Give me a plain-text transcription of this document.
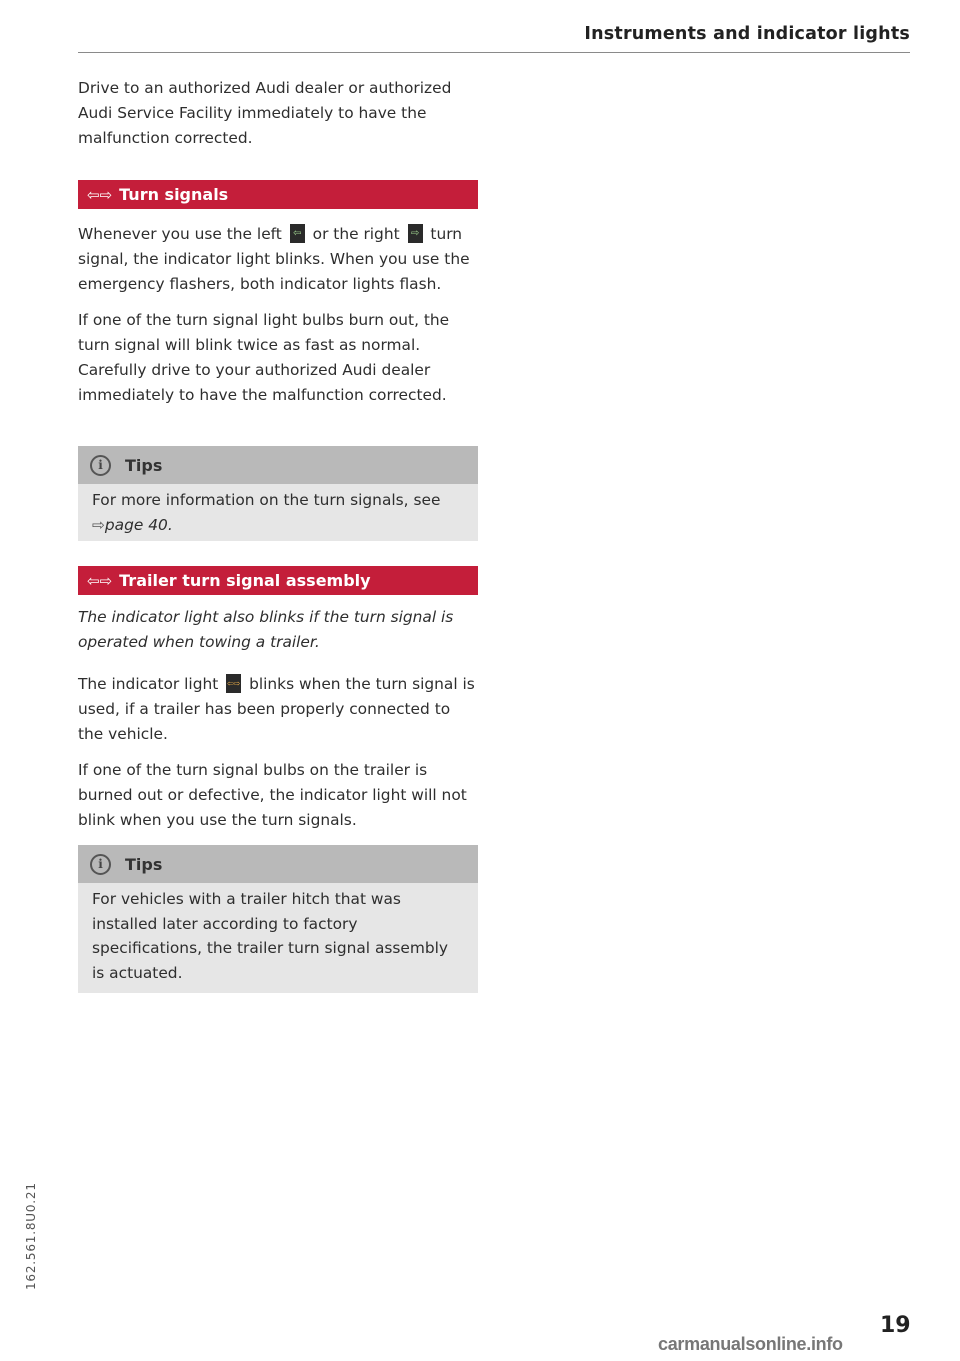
Instruments and indicator lights

Drive to an authorized Audi dealer or authorized Audi Service Facility immediately to have the malfunction corrected.

⇦⇨ Turn signals

Whenever you use the left ⇦ or the right ⇨ turn signal, the indicator light blinks. When you use the emergency flashers, both indicator lights flash.

If one of the turn signal light bulbs burn out, the turn signal will blink twice as fast as normal. Carefully drive to your authorized Audi dealer immediately to have the malfunction corrected.

i	Tips

For more information on the turn signals, see ⇨page 40.

⇦⇨ Trailer turn signal assembly

The indicator light also blinks if the turn signal is operated when towing a trailer.

The indicator light ⇦⇨ blinks when the turn signal is used, if a trailer has been properly connected to the vehicle.

If one of the turn signal bulbs on the trailer is burned out or defective, the indicator light will not blink when you use the turn signals.

i	Tips

For vehicles with a trailer hitch that was installed later according to factory specifications, the trailer turn signal assembly is actuated.

162.561.8U0.21
19
carmanualsonline.info
